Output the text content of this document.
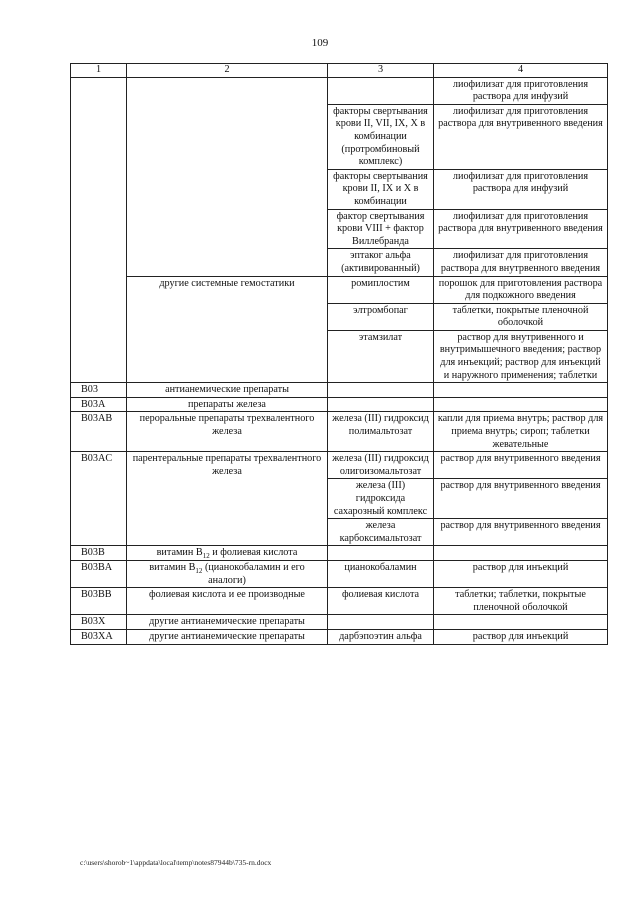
109
1	2	3	4
			лиофилизат для приготовления раствора для инфузий
		факторы свертывания крови II, VII, IX, X в комбинации (протромбиновый комплекс)	лиофилизат для приготовления раствора для внутривенного введения
		факторы свертывания крови II, IX и X в комбинации	лиофилизат для приготовления раствора для инфузий
		фактор свертывания крови VIII + фактор Виллебранда	лиофилизат для приготовления раствора для внутривенного введения
		эптаког альфа (активированный)	лиофилизат для приготовления раствора для внутрвенного введения
	другие системные гемостатики	ромиплостим	порошок для приготовления раствора для подкожного введения
		элтромбопаг	таблетки, покрытые пленочной оболочкой
		этамзилат	раствор для внутривенного и внутримышечного введения; раствор для инъекций; раствор для инъекций и наружного применения; таблетки
B03	антианемические препараты		
B03A	препараты железа		
B03AB	пероральные препараты трехвалентного железа	железа (III) гидроксид полимальтозат	капли для приема внутрь; раствор для приема внутрь; сироп; таблетки жевательные
B03AC	парентеральные препараты трехвалентного железа	железа (III) гидроксид олигоизомальтозат	раствор для внутривенного введения
		железа (III) гидроксида сахарозный комплекс	раствор для внутривенного введения
		железа карбоксимальтозат	раствор для внутривенного введения
B03B	витамин $B_{12}$ и фолиевая кислота		
B03BA	витамин $B_{12}$ (цианокобаламин и его аналоги)	цианокобаламин	раствор для инъекций
B03BB	фолиевая кислота и ее производные	фолиевая кислота	таблетки; таблетки, покрытые пленочной оболочкой
B03X	другие антианемические препараты		
B03XA	другие антианемические препараты	дарбэпоэтин альфа	раствор для инъекций
c:\users\shorob~1\appdata\local\temp\notes87944b\735-rn.docx
